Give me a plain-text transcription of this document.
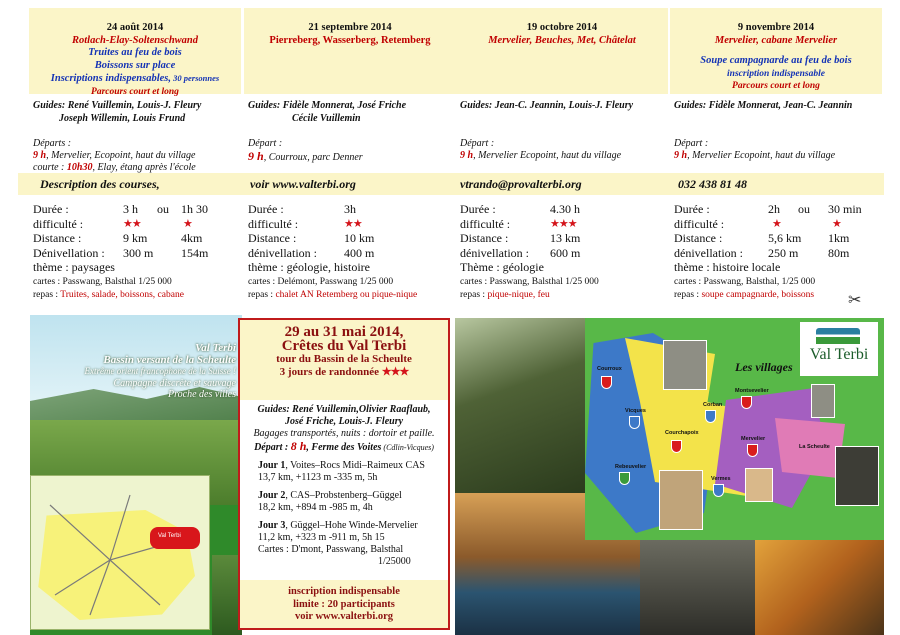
24 août 2014
Rotlach-Elay-Soltenschwand
Truites au feu de bois
Boissons sur place
Inscriptions indispensables, 30 personnes
Parcours court et long
Guides: René Vuillemin, Louis-J. Fleury
Joseph Willemin, Louis Frund
Départs :
9 h, Mervelier, Ecopoint, haut du village
courte : 10h30, Elay, étang après l'école
21 septembre 2014
Pierreberg, Wasserberg, Retemberg
Guides: Fidèle Monnerat, José Friche
Cécile Vuillemin
Départ :
9 h, Courroux, parc Denner
19 octobre 2014
Mervelier, Beuches, Met, Châtelat
Guides: Jean-C. Jeannin, Louis-J. Fleury
Départ :
9 h, Mervelier Ecopoint, haut du village
9 novembre 2014
Mervelier, cabane Mervelier
Soupe campagnarde au feu de bois
inscription indispensable
Parcours court et long
Guides: Fidèle Monnerat, Jean-C. Jeannin
Départ :
9 h, Mervelier Ecopoint, haut du village
Description des courses,	voir www.valterbi.org	vtrando@provalterbi.org	032 438 81 48
Durée :	3 h ou 1h 30
difficulté :	★★	★
Distance :	9 km	4km
Dénivellation : 300 m 154m
thème : paysages
cartes : Passwang, Balsthal 1/25 000
repas : Truites, salade, boissons, cabane
Durée :	3h
difficulté :	★★
Distance :	10 km
dénivellation : 400 m
thème : géologie, histoire
cartes : Delémont, Passwang 1/25 000
repas : chalet AN Retemberg ou pique-nique
Durée :	4.30 h
difficulté :	★★★
Distance :	13 km
dénivellation : 600 m
Thème : géologie
cartes : Passwang, Balsthal 1/25 000
repas : pique-nique, feu
Durée :	2h ou 30 min
difficulté :	★	★
Distance :	5,6 km 1km
dénivellation : 250 m 80m
thème : histoire locale
cartes : Passwang, Balsthal, 1/25 000
repas : soupe campagnarde, boissons	✂
Val Terbi
Val Terbi
Bassin versant de la Scheulte
Extrême orient francophone de la Suisse !
Campagne discrète et sauvage
Proche des villes
29 au 31 mai 2014,
Crêtes du Val Terbi
tour du Bassin de la Scheulte
3 jours de randonnée ★★★
Guides: René Vuillemin,Olivier Raaflaub,
José Friche, Louis-J. Fleury
Bagages transportés, nuits : dortoir et paille.
Départ : 8 h, Ferme des Voites (Cdlin-Vicques)
Jour 1, Voites–Rocs Midi–Raimeux CAS
13,7 km, +1123 m -335 m, 5h
Jour 2, CAS–Probstenberg–Güggel
18,2 km, +894 m -985 m, 4h
Jour 3, Güggel–Hohe Winde-Mervelier
11,2 km, +323 m -911 m, 5h 15
Cartes : D'mont, Passwang, Balsthal
1/25000
inscription indispensable
limite : 20 participants
voir www.valterbi.org
Les villages
Val Terbi
Courroux
Vicques
Corban
Montsevelier
Courchapoix
Mervelier
La Scheulte
Rebeuvelier
Vermes
